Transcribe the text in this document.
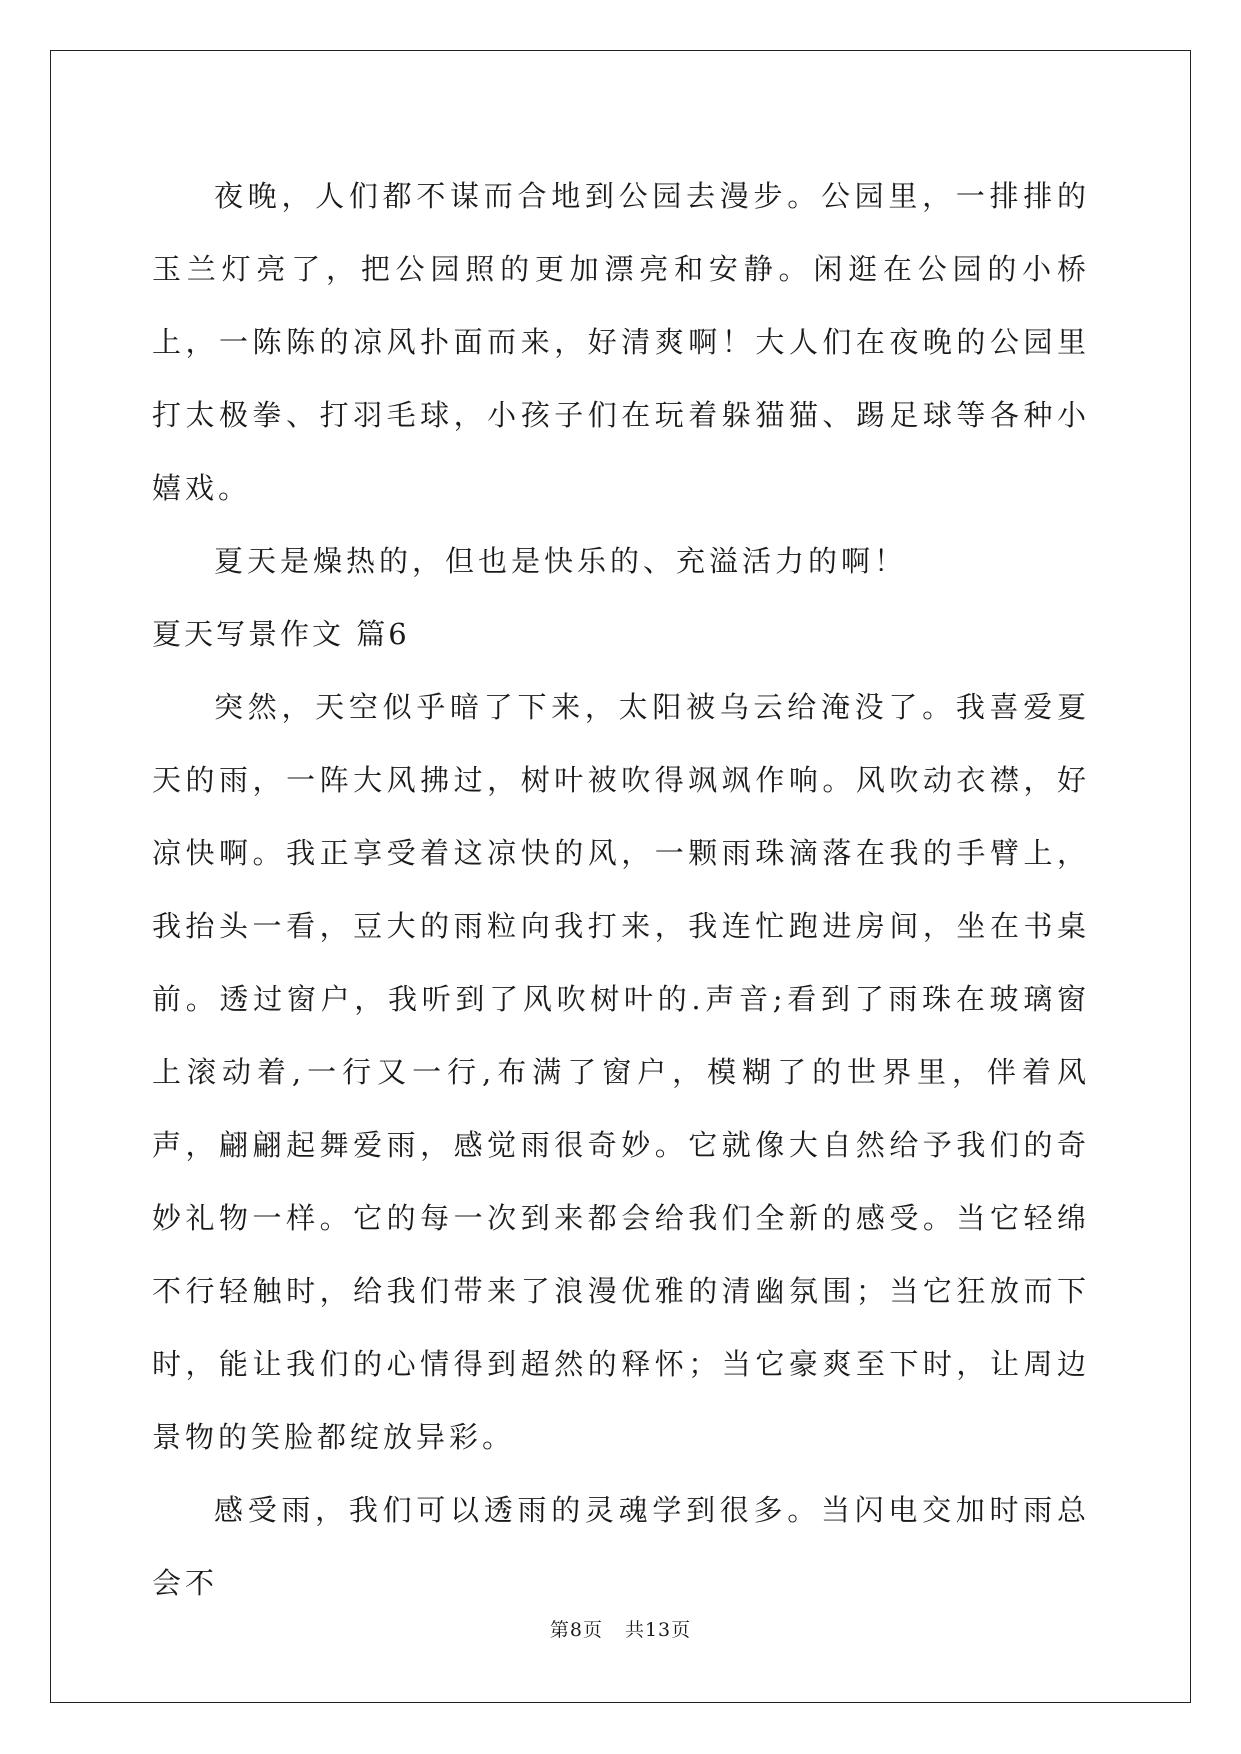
夜晚，人们都不谋而合地到公园去漫步。公园里，一排排的玉兰灯亮了，把公园照的更加漂亮和安静。闲逛在公园的小桥上，一陈陈的凉风扑面而来，好清爽啊！大人们在夜晚的公园里打太极拳、打羽毛球，小孩子们在玩着躲猫猫、踢足球等各种小嬉戏。

夏天是燥热的，但也是快乐的、充溢活力的啊！

夏天写景作文 篇6

突然，天空似乎暗了下来，太阳被乌云给淹没了。我喜爱夏天的雨，一阵大风拂过，树叶被吹得飒飒作响。风吹动衣襟，好凉快啊。我正享受着这凉快的风，一颗雨珠滴落在我的手臂上，我抬头一看，豆大的雨粒向我打来，我连忙跑进房间，坐在书桌前。透过窗户，我听到了风吹树叶的.声音;看到了雨珠在玻璃窗上滚动着,一行又一行,布满了窗户，模糊了的世界里，伴着风声，翩翩起舞爱雨，感觉雨很奇妙。它就像大自然给予我们的奇妙礼物一样。它的每一次到来都会给我们全新的感受。当它轻绵不行轻触时，给我们带来了浪漫优雅的清幽氛围；当它狂放而下时，能让我们的心情得到超然的释怀；当它豪爽至下时，让周边景物的笑脸都绽放异彩。

感受雨，我们可以透雨的灵魂学到很多。当闪电交加时雨总会不

第8页 共13页
